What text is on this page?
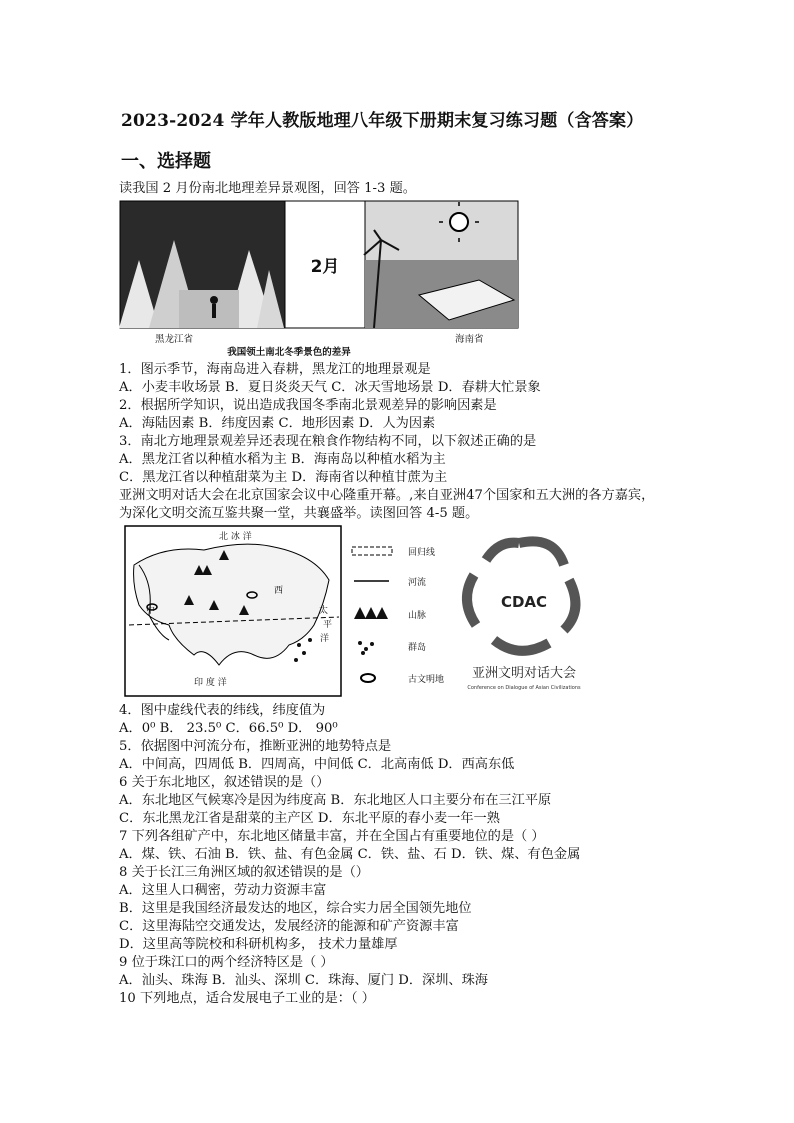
2023-2024 学年人教版地理八年级下册期末复习练习题（含答案）
一、选择题
读我国 2 月份南北地理差异景观图，回答 1-3 题。
2月
黑龙江省	海南省
我国领土南北冬季景色的差异
1．图示季节，海南岛进入春耕，黑龙江的地理景观是
A．小麦丰收场景 B．夏日炎炎天气 C．冰天雪地场景 D．春耕大忙景象
2．根据所学知识，说出造成我国冬季南北景观差异的影响因素是
A．海陆因素 B．纬度因素 C．地形因素 D．人为因素
3．南北方地理景观差异还表现在粮食作物结构不同，以下叙述正确的是
A．黑龙江省以种植水稻为主 B．海南岛以种植水稻为主
C．黑龙江省以种植甜菜为主 D．海南省以种植甘蔗为主
亚洲文明对话大会在北京国家会议中心隆重开幕。,来自亚洲47个国家和五大洲的各方嘉宾，
为深化文明交流互鉴共聚一堂，共襄盛举。读图回答 4-5 题。
北 冰 洋
印 度 洋
太
平
洋
西
中
回归线
河流
山脉
群岛
古文明地
CDAC
亚洲文明对话大会
Conference on Dialogue of Asian Civilizations
4．图中虚线代表的纬线，纬度值为
A．0⁰ B． 23.5⁰ C．66.5⁰ D． 90⁰
5．依据图中河流分布，推断亚洲的地势特点是
A．中间高，四周低 B．四周高，中间低 C．北高南低 D．西高东低
6 关于东北地区，叙述错误的是（）
A．东北地区气候寒冷是因为纬度高 B．东北地区人口主要分布在三江平原
C．东北黑龙江省是甜菜的主产区 D．东北平原的春小麦一年一熟
7 下列各组矿产中，东北地区储量丰富，并在全国占有重要地位的是（ ）
A．煤、铁、石油 B．铁、盐、有色金属 C．铁、盐、石 D．铁、煤、有色金属
8 关于长江三角洲区域的叙述错误的是（）
A．这里人口稠密，劳动力资源丰富
B．这里是我国经济最发达的地区，综合实力居全国领先地位
C．这里海陆空交通发达，发展经济的能源和矿产资源丰富
D．这里高等院校和科研机构多， 技术力量雄厚
9 位于珠江口的两个经济特区是（ ）
A．汕头、珠海 B．汕头、深圳 C．珠海、厦门 D．深圳、珠海
10 下列地点，适合发展电子工业的是：（ ）
